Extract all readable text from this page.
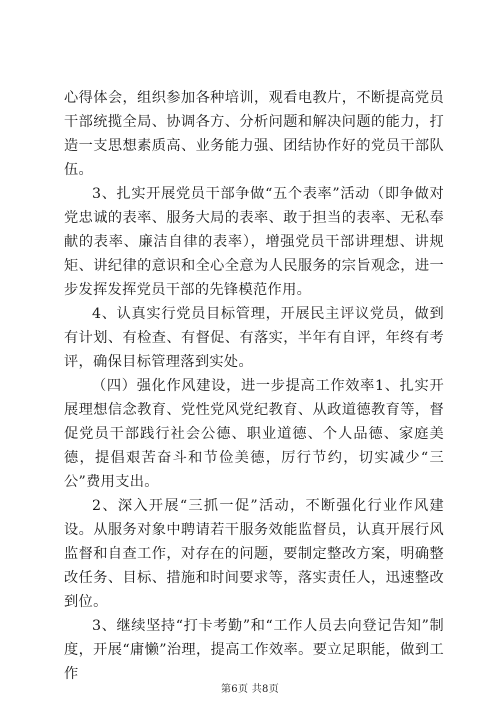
心得体会，组织参加各种培训，观看电教片，不断提高党员干部统揽全局、协调各方、分析问题和解决问题的能力，打造一支思想素质高、业务能力强、团结协作好的党员干部队伍。

3、扎实开展党员干部争做“五个表率”活动（即争做对党忠诚的表率、服务大局的表率、敢于担当的表率、无私奉献的表率、廉洁自律的表率），增强党员干部讲理想、讲规矩、讲纪律的意识和全心全意为人民服务的宗旨观念，进一步发挥发挥党员干部的先锋模范作用。

4、认真实行党员目标管理，开展民主评议党员，做到有计划、有检查、有督促、有落实，半年有自评，年终有考评，确保目标管理落到实处。

（四）强化作风建设，进一步提高工作效率1、扎实开展理想信念教育、党性党风党纪教育、从政道德教育等，督促党员干部践行社会公德、职业道德、个人品德、家庭美德，提倡艰苦奋斗和节俭美德，厉行节约，切实减少“三公”费用支出。

2、深入开展“三抓一促”活动，不断强化行业作风建设。从服务对象中聘请若干服务效能监督员，认真开展行风监督和自查工作，对存在的问题，要制定整改方案，明确整改任务、目标、措施和时间要求等，落实责任人，迅速整改到位。

3、继续坚持“打卡考勤”和“工作人员去向登记告知”制度，开展“庸懒”治理，提高工作效率。要立足职能，做到工作

第6页 共8页
